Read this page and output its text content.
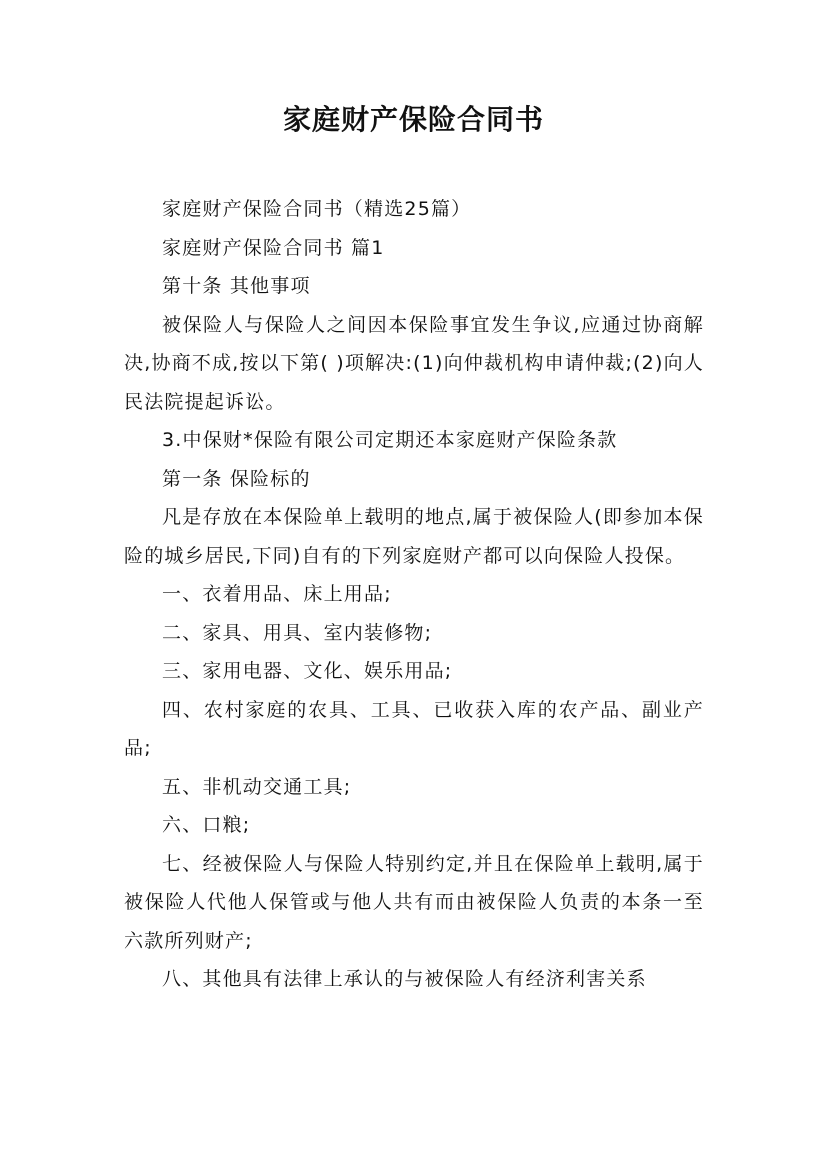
家庭财产保险合同书

家庭财产保险合同书（精选25篇）

家庭财产保险合同书 篇1

第十条 其他事项

被保险人与保险人之间因本保险事宜发生争议,应通过协商解决,协商不成,按以下第( )项解决:(1)向仲裁机构申请仲裁;(2)向人民法院提起诉讼。

3.中保财*保险有限公司定期还本家庭财产保险条款

第一条 保险标的

凡是存放在本保险单上载明的地点,属于被保险人(即参加本保险的城乡居民,下同)自有的下列家庭财产都可以向保险人投保。

一、衣着用品、床上用品;

二、家具、用具、室内装修物;

三、家用电器、文化、娱乐用品;

四、农村家庭的农具、工具、已收获入库的农产品、副业产品;

五、非机动交通工具;

六、口粮;

七、经被保险人与保险人特别约定,并且在保险单上载明,属于被保险人代他人保管或与他人共有而由被保险人负责的本条一至六款所列财产;

八、其他具有法律上承认的与被保险人有经济利害关系
